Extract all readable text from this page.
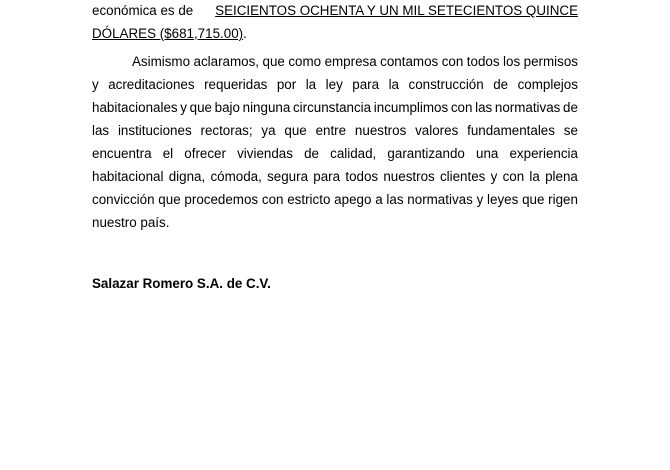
económica es de SEICIENTOS OCHENTA Y UN MIL SETECIENTOS QUINCE
DÓLARES ($681,715.00).
Asimismo aclaramos, que como empresa contamos con todos los permisos
y acreditaciones requeridas por la ley para la construcción de complejos
habitacionales y que bajo ninguna circunstancia incumplimos con las normativas de
las instituciones rectoras; ya que entre nuestros valores fundamentales se
encuentra el ofrecer viviendas de calidad, garantizando una experiencia
habitacional digna, cómoda, segura para todos nuestros clientes y con la plena
convicción que procedemos con estricto apego a las normativas y leyes que rigen
nuestro país.
Salazar Romero S.A. de C.V.
